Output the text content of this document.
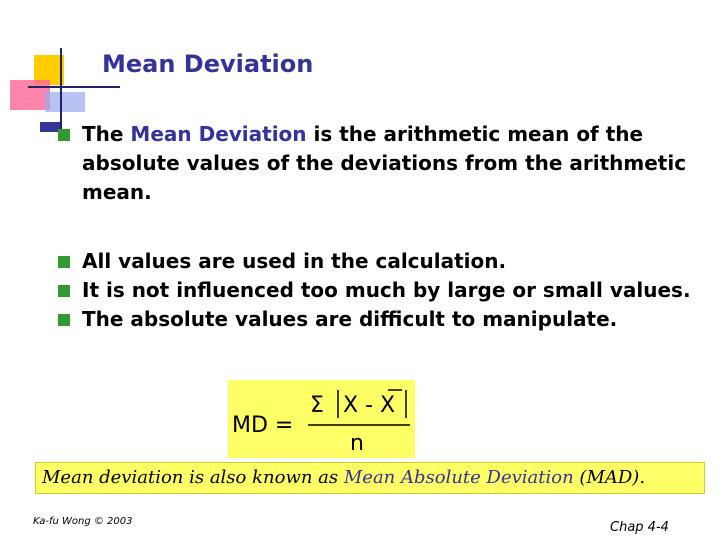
Mean Deviation
The Mean Deviation is the arithmetic mean of the absolute values of the deviations from the arithmetic mean.
All values are used in the calculation.
It is not influenced too much by large or small values.
The absolute values are difficult to manipulate.
MD =
Σ X - X
n
Mean deviation is also known as Mean Absolute Deviation (MAD).
Ka-fu Wong © 2003	Chap 4-4
